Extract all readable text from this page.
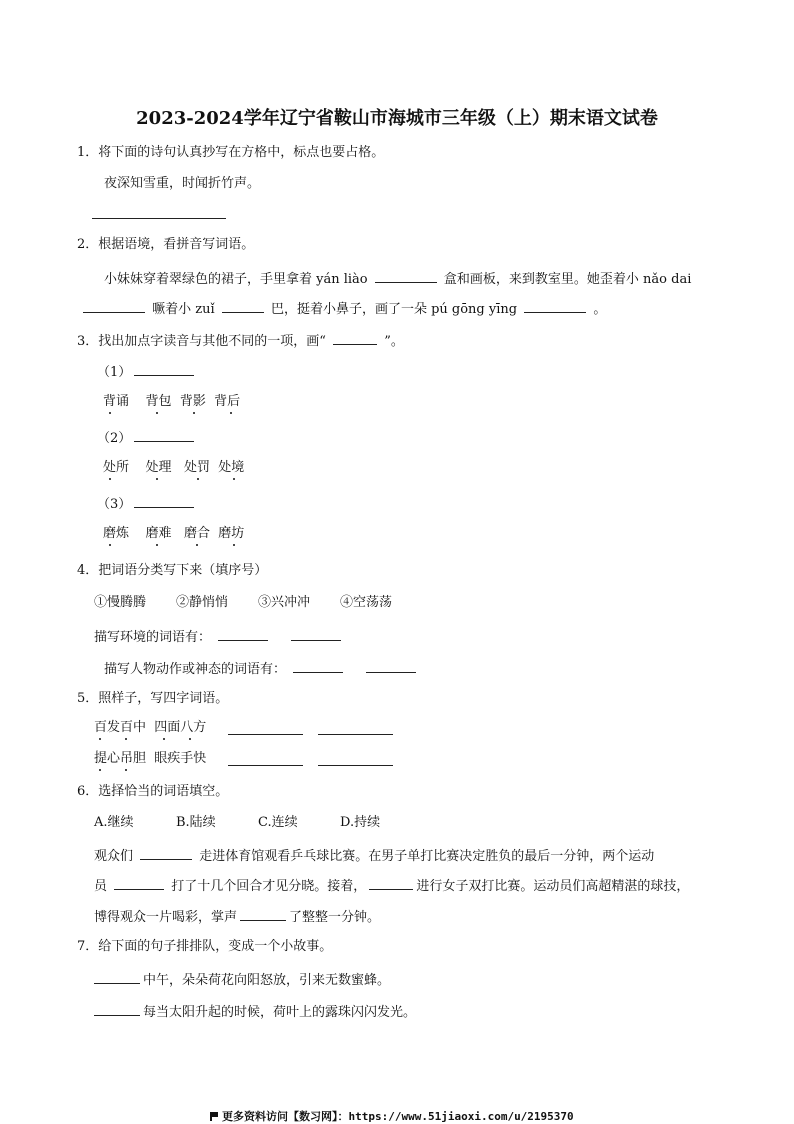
2023-2024学年辽宁省鞍山市海城市三年级（上）期末语文试卷
1．将下面的诗句认真抄写在方格中，标点也要占格。
夜深知雪重，时闻折竹声。
2．根据语境，看拼音写词语。
小妹妹穿着翠绿色的裙子，手里拿着 yán liào	盒和画板，来到教室里。她歪着小 nǎo dai
噘着小 zuǐ	巴，挺着小鼻子，画了一朵 pú gōng yīng	。
3．找出加点字读音与其他不同的一项，画“	”。
（1）
背诵 背包 背影 背后
（2）
处所 处理 处罚 处境
（3）
磨炼 磨难 磨合 磨坊
4．把词语分类写下来（填序号）
①慢腾腾 ②静悄悄 ③兴冲冲 ④空荡荡
描写环境的词语有：
描写人物动作或神态的词语有：
5．照样子，写四字词语。
百发百中 四面八方
提心吊胆 眼疾手快
6．选择恰当的词语填空。
A.继续	B.陆续	C.连续	D.持续
观众们	走进体育馆观看乒乓球比赛。在男子单打比赛决定胜负的最后一分钟，两个运动
员	打了十几个回合才见分晓。接着，	进行女子双打比赛。运动员们高超精湛的球技，
博得观众一片喝彩，掌声	了整整一分钟。
7．给下面的句子排排队，变成一个小故事。
中午，朵朵荷花向阳怒放，引来无数蜜蜂。
每当太阳升起的时候，荷叶上的露珠闪闪发光。
更多资料访问【数习网】：https://www.51jiaoxi.com/u/2195370
